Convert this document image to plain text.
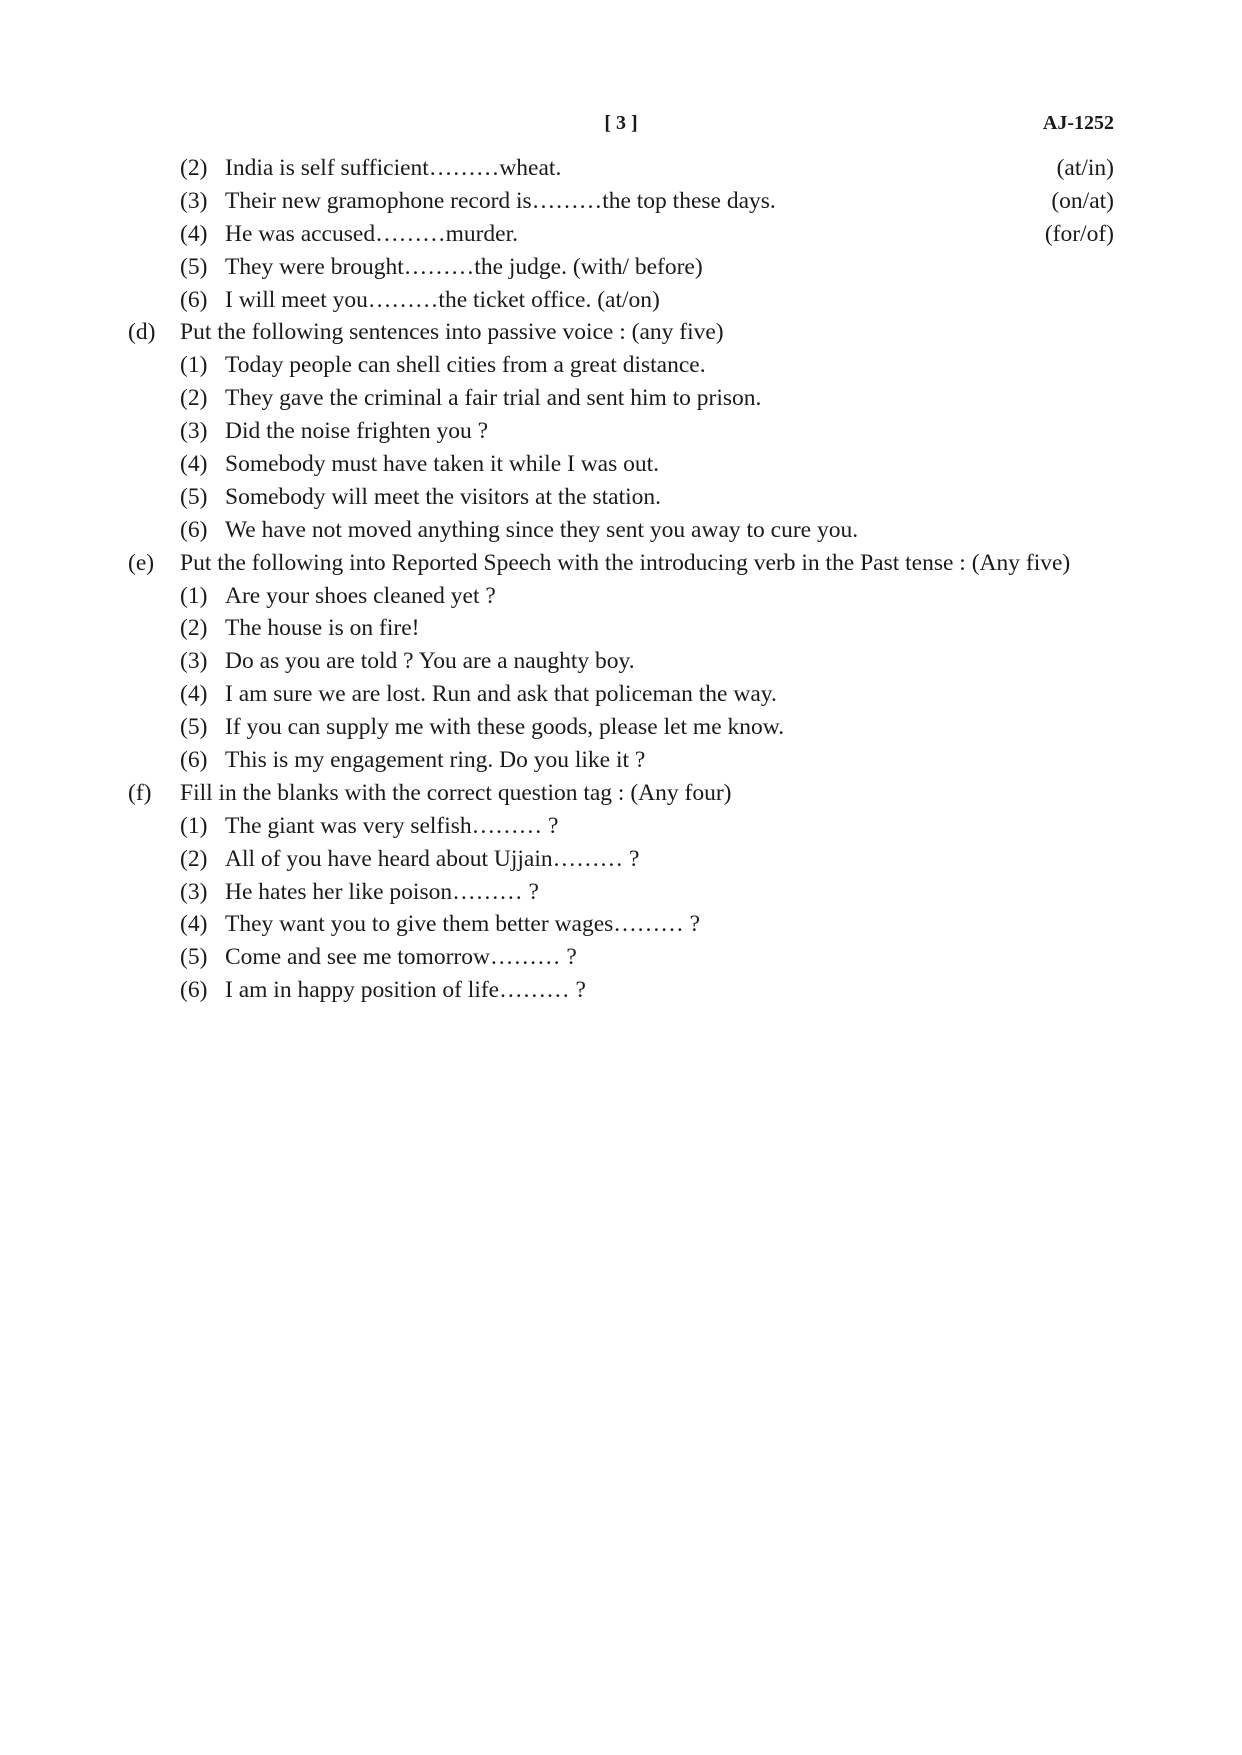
[ 3 ]	AJ-1252
(2) India is self sufficient………wheat.	(at/in)
(3) Their new gramophone record is………the top these days.	(on/at)
(4) He was accused………murder.	(for/of)
(5) They were brought………the judge. (with/ before)
(6) I will meet you………the ticket office. (at/on)
(d) Put the following sentences into passive voice : (any five)
(1) Today people can shell cities from a great distance.
(2) They gave the criminal a fair trial and sent him to prison.
(3) Did the noise frighten you ?
(4) Somebody must have taken it while I was out.
(5) Somebody will meet the visitors at the station.
(6) We have not moved anything since they sent you away to cure you.
(e) Put the following into Reported Speech with the introducing verb in the Past tense : (Any five)
(1) Are your shoes cleaned yet ?
(2) The house is on fire!
(3) Do as you are told ? You are a naughty boy.
(4) I am sure we are lost. Run and ask that policeman the way.
(5) If you can supply me with these goods, please let me know.
(6) This is my engagement ring. Do you like it ?
(f) Fill in the blanks with the correct question tag : (Any four)
(1) The giant was very selfish……… ?
(2) All of you have heard about Ujjain……… ?
(3) He hates her like poison……… ?
(4) They want you to give them better wages……… ?
(5) Come and see me tomorrow……… ?
(6) I am in happy position of life……… ?
